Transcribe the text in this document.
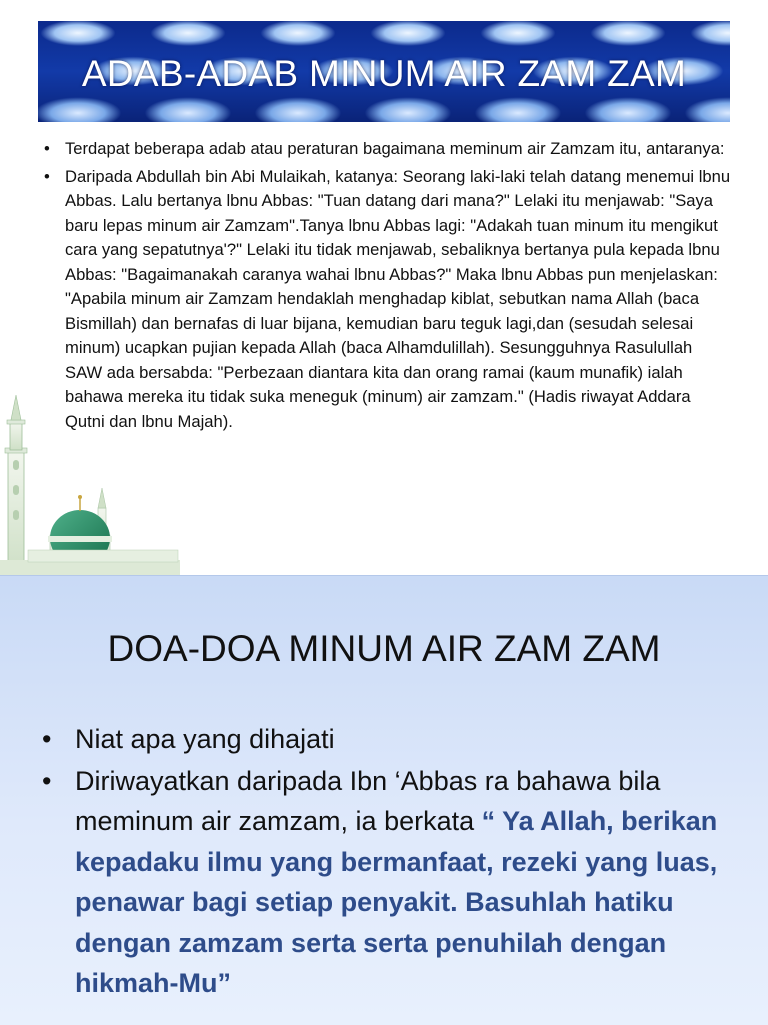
ADAB-ADAB MINUM AIR ZAM ZAM
• Terdapat beberapa adab atau peraturan bagaimana meminum air Zamzam itu, antaranya:
• Daripada Abdullah bin Abi Mulaikah, katanya: Seorang laki-laki telah datang menemui lbnu Abbas. Lalu bertanya lbnu Abbas: "Tuan datang dari mana?" Lelaki itu menjawab: "Saya baru lepas minum air Zamzam".Tanya lbnu Abbas lagi: "Adakah tuan minum itu mengikut cara yang sepatutnya'?" Lelaki itu tidak menjawab, sebaliknya bertanya pula kepada lbnu Abbas: "Bagaimanakah caranya wahai lbnu Abbas?" Maka lbnu Abbas pun menjelaskan: "Apabila minum air Zamzam hendaklah menghadap kiblat, sebutkan nama Allah (baca Bismillah) dan bernafas di luar bijana, kemudian baru teguk lagi,dan (sesudah selesai minum) ucapkan pujian kepada Allah (baca Alhamdulillah). Sesungguhnya Rasulullah SAW ada bersabda: "Perbezaan diantara kita dan orang ramai (kaum munafik) ialah bahawa mereka itu tidak suka meneguk (minum) air zamzam." (Hadis riwayat Addara Qutni dan lbnu Majah).
DOA-DOA MINUM AIR ZAM ZAM
• Niat apa yang dihajati
• Diriwayatkan daripada Ibn ‘Abbas ra bahawa bila meminum air zamzam, ia berkata “ Ya Allah, berikan kepadaku ilmu yang bermanfaat, rezeki yang luas, penawar bagi setiap penyakit. Basuhlah hatiku dengan zamzam serta serta penuhilah dengan hikmah-Mu”
